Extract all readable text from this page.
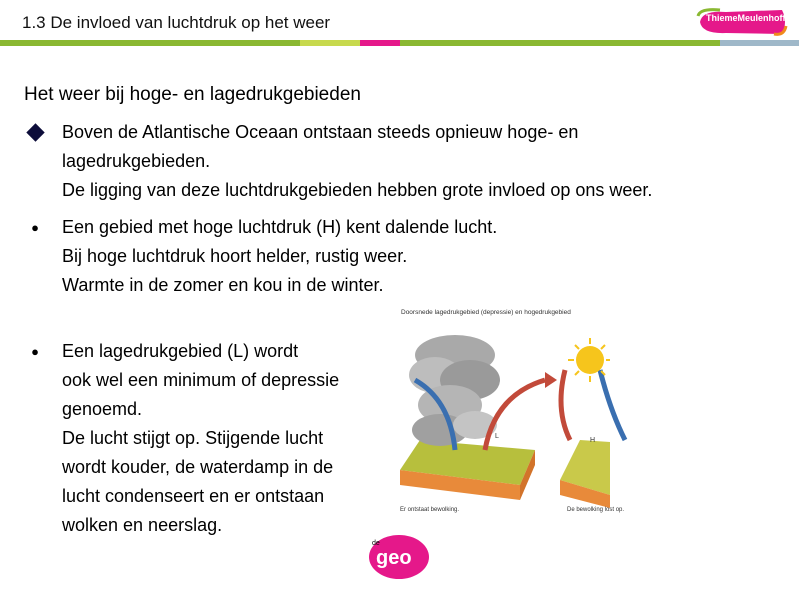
1.3 De invloed van luchtdruk op het weer	ThiemeMeulenhoff
Het weer bij hoge- en lagedrukgebieden
Boven de Atlantische Oceaan ontstaan steeds opnieuw hoge- en
lagedrukgebieden.
De ligging van deze luchtdrukgebieden hebben grote invloed op ons weer.
●	Een gebied met hoge luchtdruk (H) kent dalende lucht.
Bij hoge luchtdruk hoort helder, rustig weer.
Warmte in de zomer en kou in de winter.
●	Een lagedrukgebied (L) wordt
ook wel een minimum of depressie
genoemd.
De lucht stijgt op. Stijgende lucht
wordt kouder, de waterdamp in de
lucht condenseert en er ontstaan
wolken en neerslag.
Doorsnede lagedrukgebied (depressie) en hogedrukgebied
L
H
Er ontstaat bewolking.	De bewolking lost op.
de
geo
